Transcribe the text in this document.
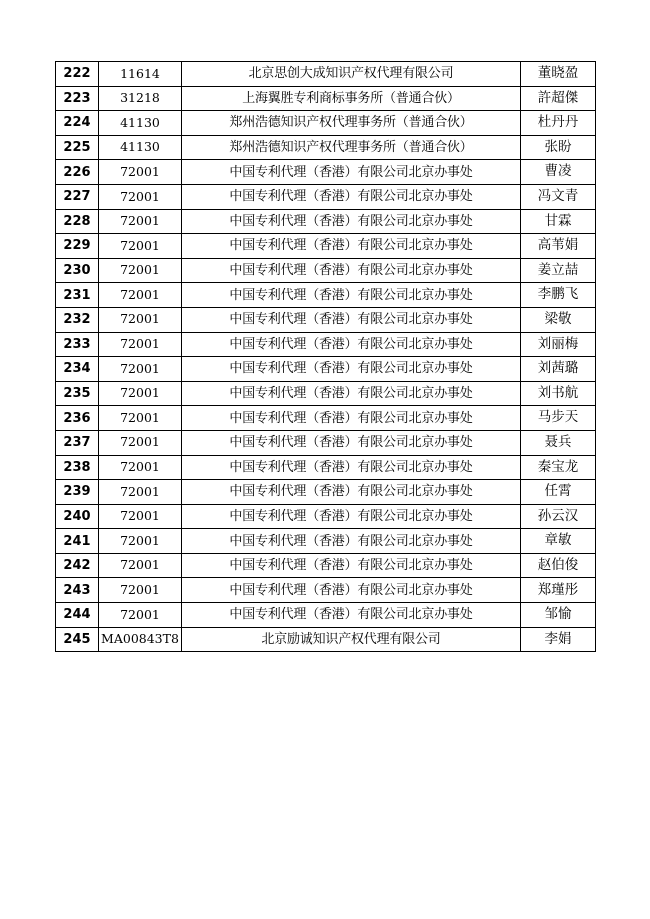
222	11614	北京思创大成知识产权代理有限公司	董晓盈
223	31218	上海翼胜专利商标事务所（普通合伙）	許超傑
224	41130	郑州浩德知识产权代理事务所（普通合伙）	杜丹丹
225	41130	郑州浩德知识产权代理事务所（普通合伙）	张盼
226	72001	中国专利代理（香港）有限公司北京办事处	曹凌
227	72001	中国专利代理（香港）有限公司北京办事处	冯文青
228	72001	中国专利代理（香港）有限公司北京办事处	甘霖
229	72001	中国专利代理（香港）有限公司北京办事处	高苇娟
230	72001	中国专利代理（香港）有限公司北京办事处	姜立喆
231	72001	中国专利代理（香港）有限公司北京办事处	李鹏飞
232	72001	中国专利代理（香港）有限公司北京办事处	梁敬
233	72001	中国专利代理（香港）有限公司北京办事处	刘丽梅
234	72001	中国专利代理（香港）有限公司北京办事处	刘茜璐
235	72001	中国专利代理（香港）有限公司北京办事处	刘书航
236	72001	中国专利代理（香港）有限公司北京办事处	马步天
237	72001	中国专利代理（香港）有限公司北京办事处	聂兵
238	72001	中国专利代理（香港）有限公司北京办事处	秦宝龙
239	72001	中国专利代理（香港）有限公司北京办事处	任霄
240	72001	中国专利代理（香港）有限公司北京办事处	孙云汉
241	72001	中国专利代理（香港）有限公司北京办事处	章敏
242	72001	中国专利代理（香港）有限公司北京办事处	赵伯俊
243	72001	中国专利代理（香港）有限公司北京办事处	郑瑾彤
244	72001	中国专利代理（香港）有限公司北京办事处	邹愉
245	MA00843T8	北京励诚知识产权代理有限公司	李娟
